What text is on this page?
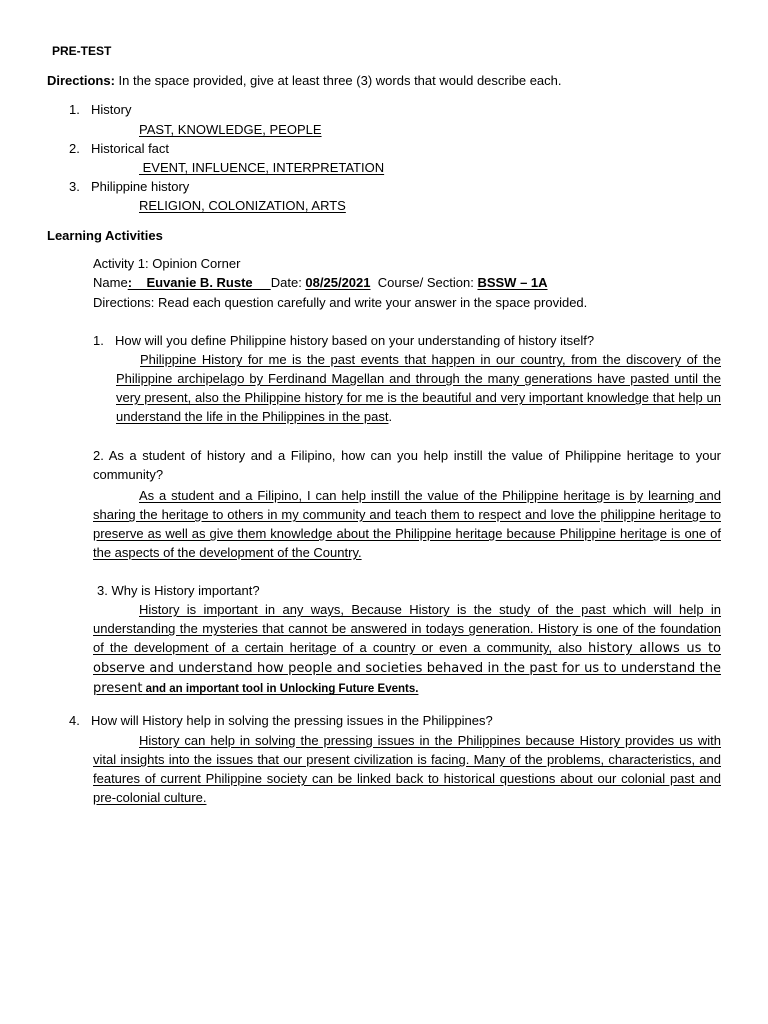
PRE-TEST
Directions: In the space provided, give at least three (3) words that would describe each.
1. History
PAST, KNOWLEDGE, PEOPLE
2. Historical fact
EVENT, INFLUENCE, INTERPRETATION
3. Philippine history
RELIGION, COLONIZATION, ARTS
Learning Activities
Activity 1: Opinion Corner
Name:    Euvanie B. Ruste     Date: 08/25/2021  Course/ Section: BSSW – 1A
Directions: Read each question carefully and write your answer in the space provided.
1. How will you define Philippine history based on your understanding of history itself?
Philippine History for me is the past events that happen in our country, from the discovery of the Philippine archipelago by Ferdinand Magellan and through the many generations have pasted until the very present, also the Philippine history for me is the beautiful and very important knowledge that help un understand the life in the Philippines in the past.
2. As a student of history and a Filipino, how can you help instill the value of Philippine heritage to your community?
As a student and a Filipino, I can help instill the value of the Philippine heritage is by learning and sharing the heritage to others in my community and teach them to respect and love the philippine heritage to preserve as well as give them knowledge about the Philippine heritage because Philippine heritage is one of the aspects of the development of the Country.
3. Why is History important?
History is important in any ways, Because History is the study of the past which will help in understanding the mysteries that cannot be answered in todays generation. History is one of the foundation of the development of a certain heritage of a country or even a community, also history allows us to observe and understand how people and societies behaved in the past for us to understand the present and an important tool in Unlocking Future Events.
4. How will History help in solving the pressing issues in the Philippines?
History can help in solving the pressing issues in the Philippines because History provides us with vital insights into the issues that our present civilization is facing. Many of the problems, characteristics, and features of current Philippine society can be linked back to historical questions about our colonial past and pre-colonial culture.
